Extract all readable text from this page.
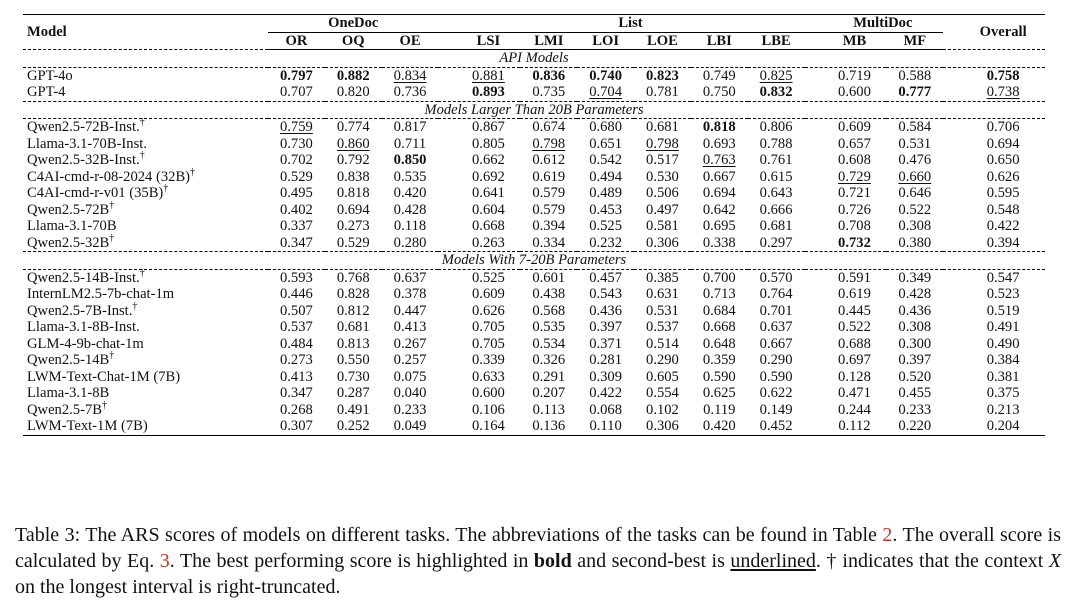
Model	OneDoc			List						MultiDoc		Overall
	OR	OQ	OE	LSI	LMI	LOI	LOE	LBI	LBE	MB	MF	
API Models												
GPT-4o	0.797	0.882	0.834	0.881	0.836	0.740	0.823	0.749	0.825	0.719	0.588	0.758
GPT-4	0.707	0.820	0.736	0.893	0.735	0.704	0.781	0.750	0.832	0.600	0.777	0.738
Models Larger Than 20B Parameters												
Qwen2.5-72B-Inst.†	0.759	0.774	0.817	0.867	0.674	0.680	0.681	0.818	0.806	0.609	0.584	0.706
Llama-3.1-70B-Inst.	0.730	0.860	0.711	0.805	0.798	0.651	0.798	0.693	0.788	0.657	0.531	0.694
Qwen2.5-32B-Inst.†	0.702	0.792	0.850	0.662	0.612	0.542	0.517	0.763	0.761	0.608	0.476	0.650
C4AI-cmd-r-08-2024 (32B)†	0.529	0.838	0.535	0.692	0.619	0.494	0.530	0.667	0.615	0.729	0.660	0.626
C4AI-cmd-r-v01 (35B)†	0.495	0.818	0.420	0.641	0.579	0.489	0.506	0.694	0.643	0.721	0.646	0.595
Qwen2.5-72B†	0.402	0.694	0.428	0.604	0.579	0.453	0.497	0.642	0.666	0.726	0.522	0.548
Llama-3.1-70B	0.337	0.273	0.118	0.668	0.394	0.525	0.581	0.695	0.681	0.708	0.308	0.422
Qwen2.5-32B†	0.347	0.529	0.280	0.263	0.334	0.232	0.306	0.338	0.297	0.732	0.380	0.394
Models With 7-20B Parameters												
Qwen2.5-14B-Inst.†	0.593	0.768	0.637	0.525	0.601	0.457	0.385	0.700	0.570	0.591	0.349	0.547
InternLM2.5-7b-chat-1m	0.446	0.828	0.378	0.609	0.438	0.543	0.631	0.713	0.764	0.619	0.428	0.523
Qwen2.5-7B-Inst.†	0.507	0.812	0.447	0.626	0.568	0.436	0.531	0.684	0.701	0.445	0.436	0.519
Llama-3.1-8B-Inst.	0.537	0.681	0.413	0.705	0.535	0.397	0.537	0.668	0.637	0.522	0.308	0.491
GLM-4-9b-chat-1m	0.484	0.813	0.267	0.705	0.534	0.371	0.514	0.648	0.667	0.688	0.300	0.490
Qwen2.5-14B†	0.273	0.550	0.257	0.339	0.326	0.281	0.290	0.359	0.290	0.697	0.397	0.384
LWM-Text-Chat-1M (7B)	0.413	0.730	0.075	0.633	0.291	0.309	0.605	0.590	0.590	0.128	0.520	0.381
Llama-3.1-8B	0.347	0.287	0.040	0.600	0.207	0.422	0.554	0.625	0.622	0.471	0.455	0.375
Qwen2.5-7B†	0.268	0.491	0.233	0.106	0.113	0.068	0.102	0.119	0.149	0.244	0.233	0.213
LWM-Text-1M (7B)	0.307	0.252	0.049	0.164	0.136	0.110	0.306	0.420	0.452	0.112	0.220	0.204

Table 3: The ARS scores of models on different tasks. The abbreviations of the tasks can be found in Table 2. The overall score is calculated by Eq. 3. The best performing score is highlighted in bold and second-best is underlined. † indicates that the context X on the longest interval is right-truncated.
